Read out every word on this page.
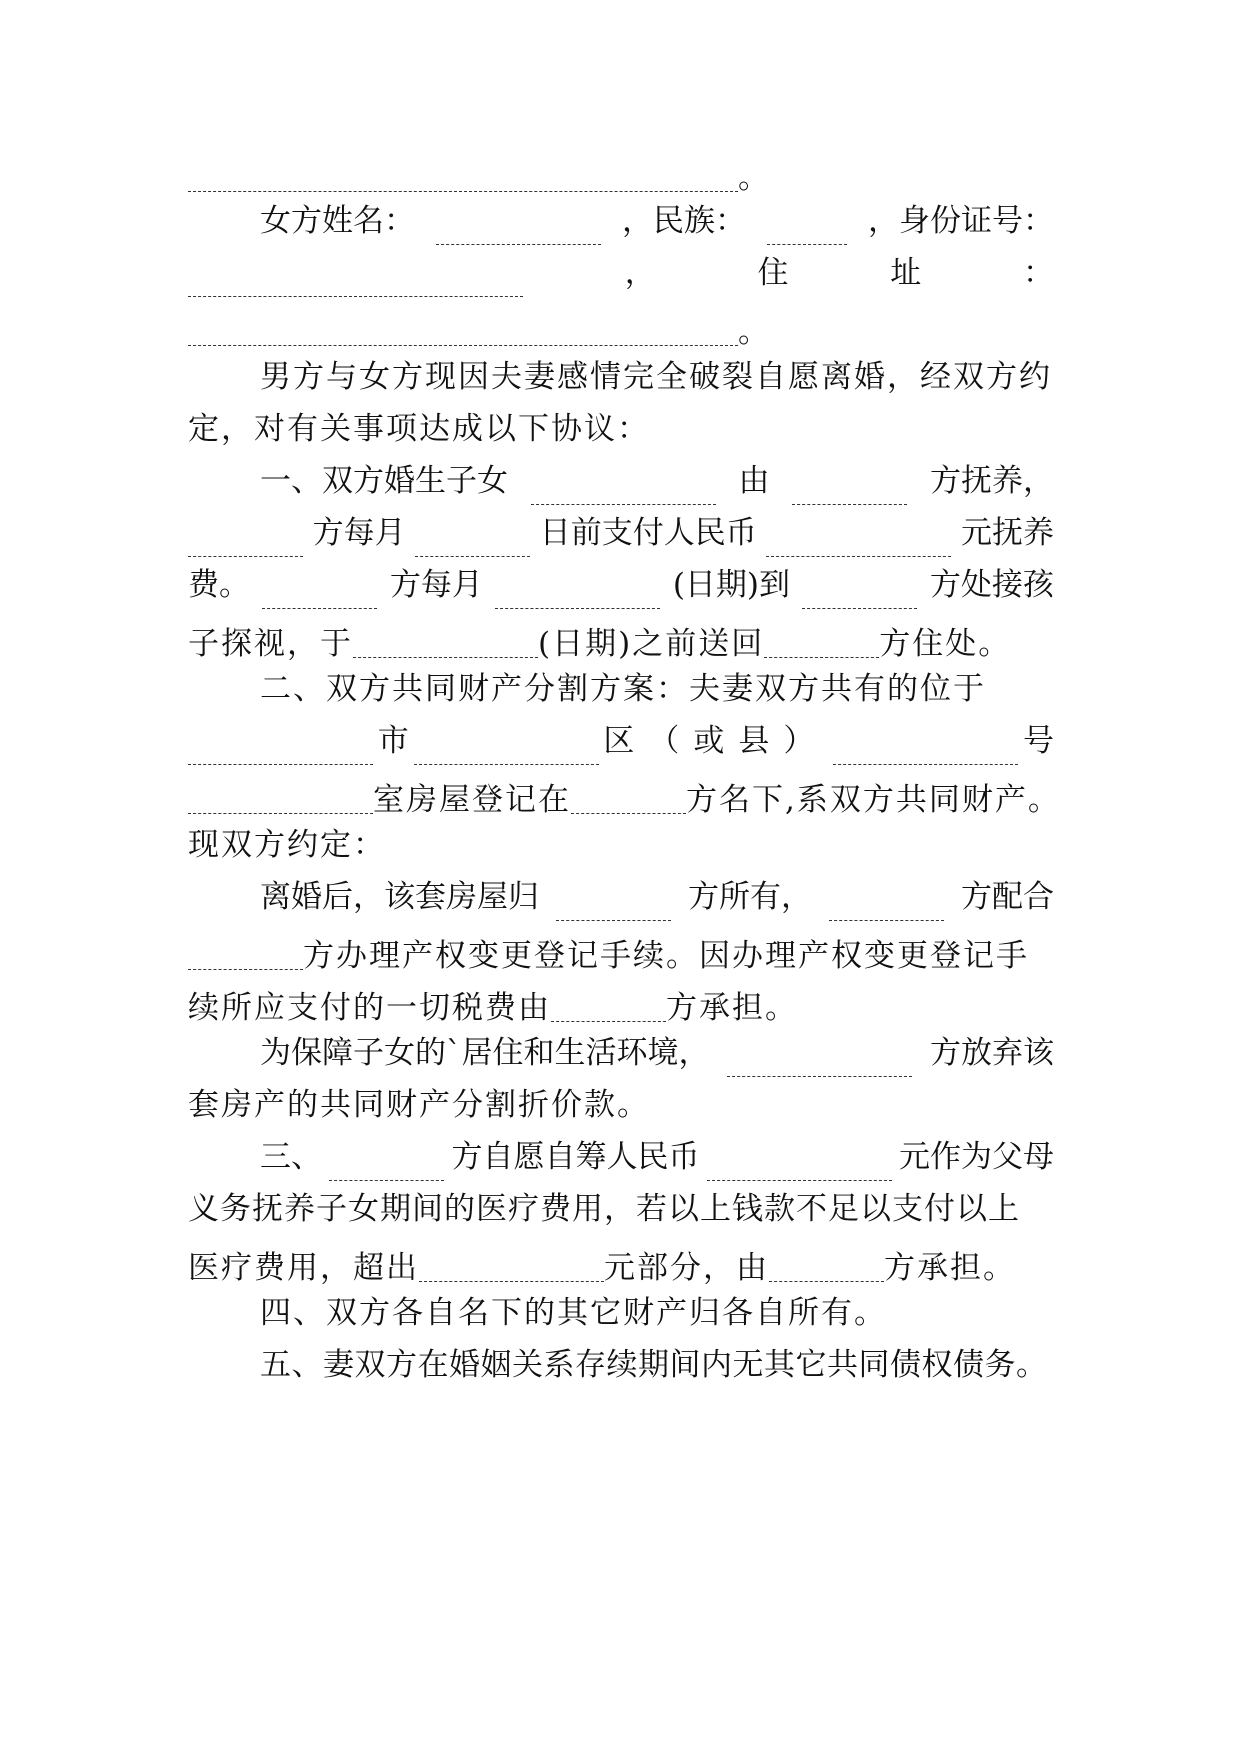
。
女方姓名：	，民族：	，身份证号：
，	住	址	：
。
男方与女方现因夫妻感情完全破裂自愿离婚，经双方约
定，对有关事项达成以下协议：
一、双方婚生子女	由	方抚养，
方每月	日前支付人民币	元抚养
费。	方每月	(日期)到	方处接孩
子探视，于	(日期)之前送回	方住处。
二、双方共同财产分割方案：夫妻双方共有的位于
市	区（或县）	号
室房屋登记在	方名下,系双方共同财产。
现双方约定：
离婚后，该套房屋归	方所有，	方配合
方办理产权变更登记手续。因办理产权变更登记手
续所应支付的一切税费由	方承担。
为保障子女的`居住和生活环境，	方放弃该
套房产的共同财产分割折价款。
三、	方自愿自筹人民币	元作为父母
义务抚养子女期间的医疗费用，若以上钱款不足以支付以上
医疗费用，超出	元部分，由	方承担。
四、双方各自名下的其它财产归各自所有。
五、妻双方在婚姻关系存续期间内无其它共同债权债务。
